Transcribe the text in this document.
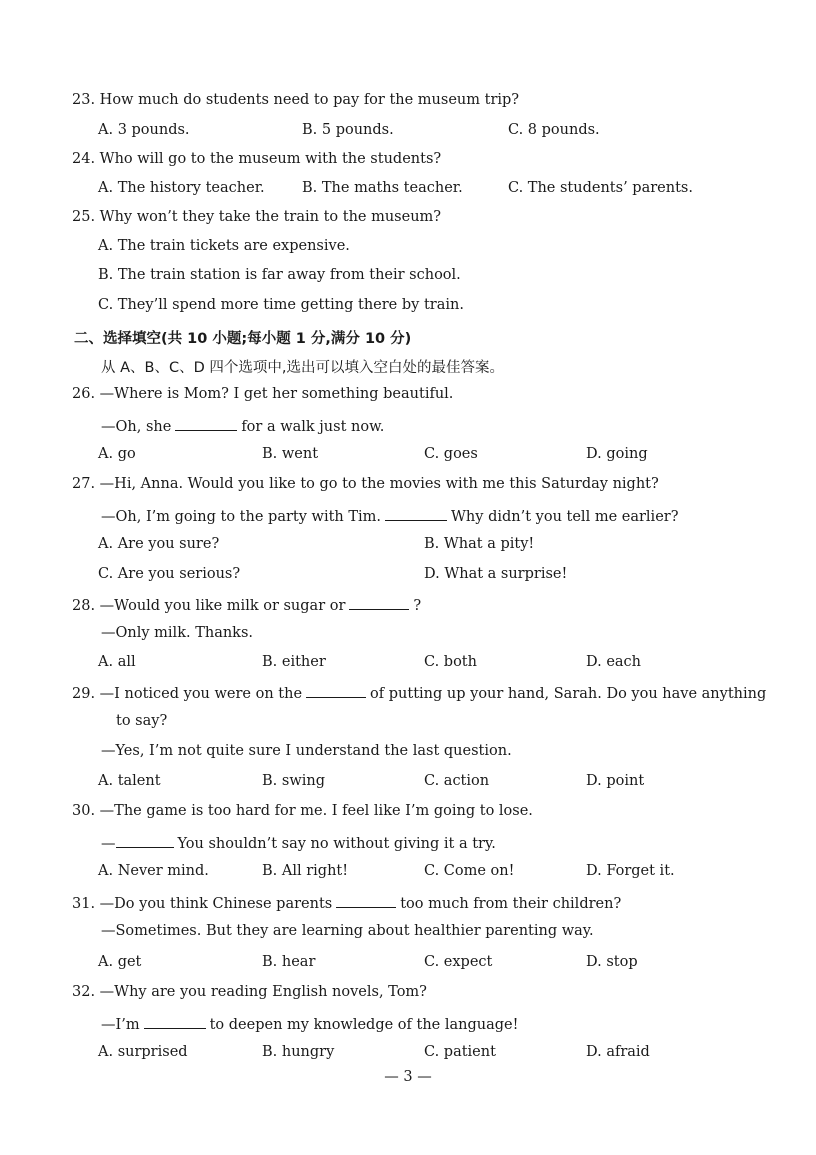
23. How much do students need to pay for the museum trip?
A. 3 pounds.	B. 5 pounds.	C. 8 pounds.
24. Who will go to the museum with the students?
A. The history teacher.	B. The maths teacher.	C. The students’ parents.
25. Why won’t they take the train to the museum?
A. The train tickets are expensive.
B. The train station is far away from their school.
C. They’ll spend more time getting there by train.
二、选择填空(共 10 小题;每小题 1 分,满分 10 分)
从 A、B、C、D 四个选项中,选出可以填入空白处的最佳答案。
26. —Where is Mom? I get her something beautiful.
—Oh, she	for a walk just now.
A. go	B. went	C. goes	D. going
27. —Hi, Anna. Would you like to go to the movies with me this Saturday night?
—Oh, I’m going to the party with Tim.	Why didn’t you tell me earlier?
A. Are you sure?	B. What a pity!
C. Are you serious?	D. What a surprise!
28. —Would you like milk or sugar or	?
—Only milk. Thanks.
A. all	B. either	C. both	D. each
29. —I noticed you were on the	of putting up your hand, Sarah. Do you have anything
to say?
—Yes, I’m not quite sure I understand the last question.
A. talent	B. swing	C. action	D. point
30. —The game is too hard for me. I feel like I’m going to lose.
—	You shouldn’t say no without giving it a try.
A. Never mind.	B. All right!	C. Come on!	D. Forget it.
31. —Do you think Chinese parents	too much from their children?
—Sometimes. But they are learning about healthier parenting way.
A. get	B. hear	C. expect	D. stop
32. —Why are you reading English novels, Tom?
—I’m	to deepen my knowledge of the language!
A. surprised	B. hungry	C. patient	D. afraid
— 3 —
